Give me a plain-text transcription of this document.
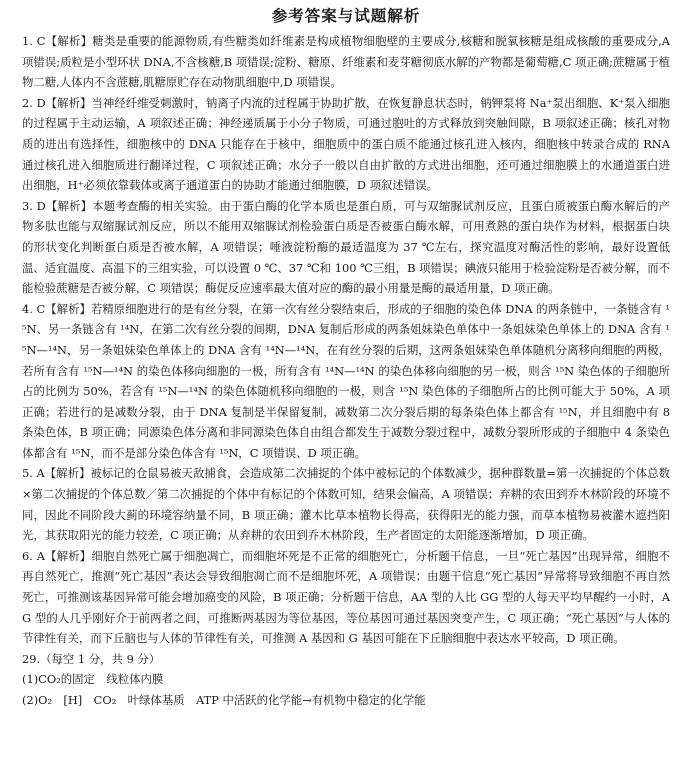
参考答案与试题解析

1. C【解析】糖类是重要的能源物质,有些糖类如纤维素是构成植物细胞壁的主要成分,核糖和脱氧核糖是组成核酸的重要成分,A 项错误;质粒是小型环状 DNA,不含核糖,B 项错误;淀粉、糖原、纤维素和麦芽糖彻底水解的产物都是葡萄糖,C 项正确;蔗糖属于植物二糖,人体内不含蔗糖,肌糖原贮存在动物肌细胞中,D 项错误。

2. D【解析】当神经纤维受刺激时，钠离子内流的过程属于协助扩散，在恢复静息状态时，钠钾泵将 Na⁺泵出细胞、K⁺泵入细胞的过程属于主动运输，A 项叙述正确；神经递质属于小分子物质，可通过胞吐的方式释放到突触间隙，B 项叙述正确；核孔对物质的进出有选择性，细胞核中的 DNA 只能存在于核中，细胞质中的蛋白质不能通过核孔进入核内，细胞核中转录合成的 RNA 通过核孔进入细胞质进行翻译过程，C 项叙述正确；水分子一般以自由扩散的方式进出细胞，还可通过细胞膜上的水通道蛋白进出细胞，H⁺必须依靠载体或离子通道蛋白的协助才能通过细胞膜，D 项叙述错误。

3. D【解析】本题考查酶的相关实验。由于蛋白酶的化学本质也是蛋白质，可与双缩脲试剂反应，且蛋白质被蛋白酶水解后的产物多肽也能与双缩脲试剂反应，所以不能用双缩脲试剂检验蛋白质是否被蛋白酶水解，可用煮熟的蛋白块作为材料，根据蛋白块的形状变化判断蛋白质是否被水解，A 项错误；唾液淀粉酶的最适温度为 37 ℃左右，探究温度对酶活性的影响，最好设置低温、适宜温度、高温下的三组实验，可以设置 0 ℃、37 ℃和 100 ℃三组，B 项错误；碘液只能用于检验淀粉是否被分解，而不能检验蔗糖是否被分解，C 项错误；酶促反应速率最大值对应的酶的最小用量是酶的最适用量，D 项正确。

4. C【解析】若精原细胞进行的是有丝分裂，在第一次有丝分裂结束后，形成的子细胞的染色体 DNA 的两条链中，一条链含有 ¹⁵N、另一条链含有 ¹⁴N，在第二次有丝分裂的间期，DNA 复制后形成的两条姐妹染色单体中一条姐妹染色单体上的 DNA 含有 ¹⁵N—¹⁴N，另一条姐妹染色单体上的 DNA 含有 ¹⁴N—¹⁴N，在有丝分裂的后期，这两条姐妹染色单体随机分离移向细胞的两极，若所有含有 ¹⁵N—¹⁴N 的染色体移向细胞的一极，所有含有 ¹⁴N—¹⁴N 的染色体移向细胞的另一极，则含 ¹⁵N 染色体的子细胞所占的比例为 50%，若含有 ¹⁵N—¹⁴N 的染色体随机移向细胞的一极，则含 ¹⁵N 染色体的子细胞所占的比例可能大于 50%，A 项正确；若进行的是减数分裂，由于 DNA 复制是半保留复制，减数第二次分裂后期的每条染色体上都含有 ¹⁵N，并且细胞中有 8 条染色体，B 项正确；同源染色体分离和非同源染色体自由组合都发生于减数分裂过程中，减数分裂所形成的子细胞中 4 条染色体都含有 ¹⁵N，而不是部分染色体含有 ¹⁵N，C 项错误、D 项正确。

5. A【解析】被标记的仓鼠易被天敌捕食，会造成第二次捕捉的个体中被标记的个体数减少，据种群数量=第一次捕捉的个体总数×第二次捕捉的个体总数／第二次捕捉的个体中有标记的个体数可知，结果会偏高，A 项错误；弃耕的农田到乔木林阶段的环境不同，因此不同阶段大蓟的环境容纳量不同，B 项正确；灌木比草本植物长得高，获得阳光的能力强，而草本植物易被灌木遮挡阳光，其获取阳光的能力较差，C 项正确；从弃耕的农田到乔木林阶段，生产者固定的太阳能逐渐增加，D 项正确。

6. A【解析】细胞自然死亡属于细胞凋亡，而细胞坏死是不正常的细胞死亡，分析题干信息，一旦“死亡基因”出现异常，细胞不再自然死亡，推测“死亡基因”表达会导致细胞凋亡而不是细胞坏死，A 项错误；由题干信息“死亡基因”异常将导致细胞不再自然死亡，可推测该基因异常可能会增加癌变的风险，B 项正确；分析题干信息，AA 型的人比 GG 型的人每天平均早醒约一小时，AG 型的人几乎刚好介于前两者之间，可推断两基因为等位基因，等位基因可通过基因突变产生，C 项正确；“死亡基因”与人体的节律性有关，而下丘脑也与人体的节律性有关，可推测 A 基因和 G 基因可能在下丘脑细胞中表达水平较高，D 项正确。

29.（每空 1 分，共 9 分）

(1)CO₂的固定　线粒体内膜

(2)O₂　[H]　CO₂　叶绿体基质　ATP 中活跃的化学能→有机物中稳定的化学能
